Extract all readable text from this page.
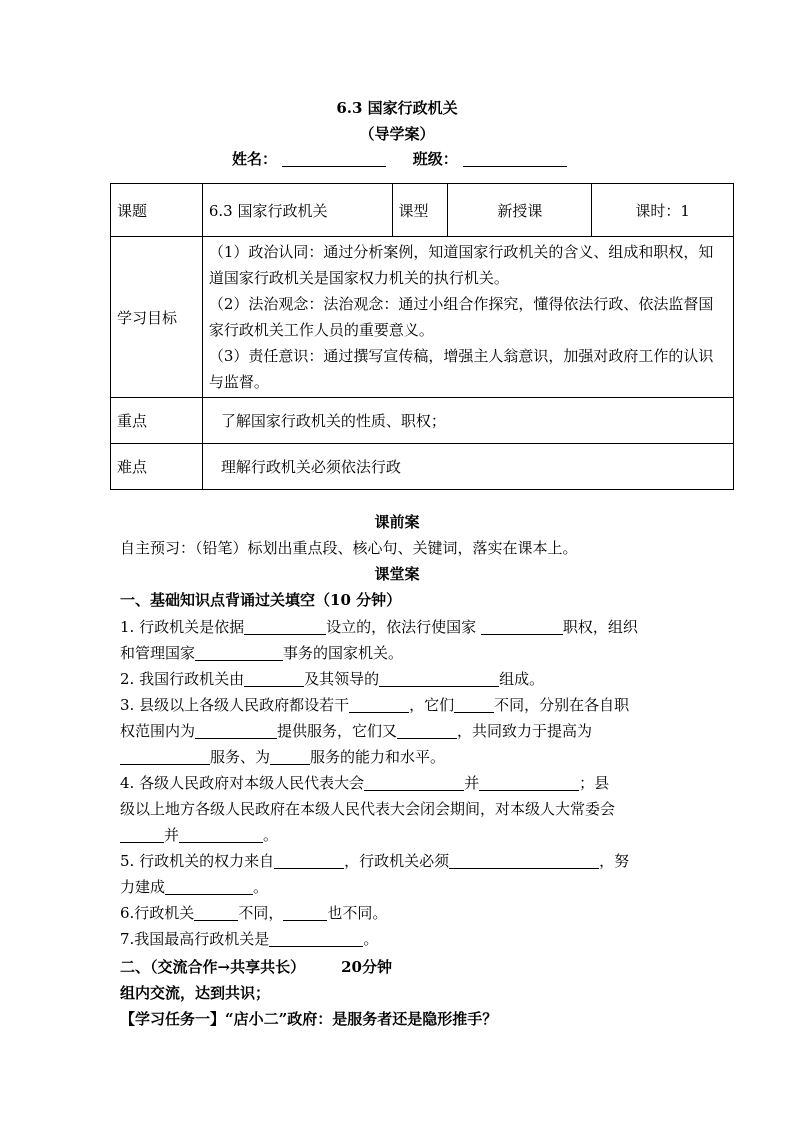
6.3 国家行政机关
（导学案）
姓名：	班级：
课题	6.3 国家行政机关	课型	新授课	课时：1
学习目标	（1）政治认同：通过分析案例，知道国家行政机关的含义、组成和职权，知道国家行政机关是国家权力机关的执行机关。

（2）法治观念：法治观念：通过小组合作探究，懂得依法行政、依法监督国家行政机关工作人员的重要意义。

（3）责任意识：通过撰写宣传稿，增强主人翁意识，加强对政府工作的认识与监督。			

重点	了解国家行政机关的性质、职权；			
难点	理解行政机关必须依法行政			
课前案
自主预习：（铅笔）标划出重点段、核心句、关键词，落实在课本上。
课堂案
一、基础知识点背诵过关填空（10 分钟）
1. 行政机关是依据	设立的，依法行使国家	职权，组织
和管理国家	事务的国家机关。
2. 我国行政机关由	及其领导的	组成。
3. 县级以上各级人民政府都设若干	，它们	不同，分别在各自职
权范围内为	提供服务，它们又	，共同致力于提高为
服务、为	服务的能力和水平。
4. 各级人民政府对本级人民代表大会	并	；县
级以上地方各级人民政府在本级人民代表大会闭会期间，对本级人大常委会
并	。
5. 行政机关的权力来自	，行政机关必须	，努
力建成	。
6.行政机关	不同，	也不同。
7.我国最高行政机关是	。
二、（交流合作→共享共长） 20分钟
组内交流，达到共识；
【学习任务一】“店小二”政府：是服务者还是隐形推手？
